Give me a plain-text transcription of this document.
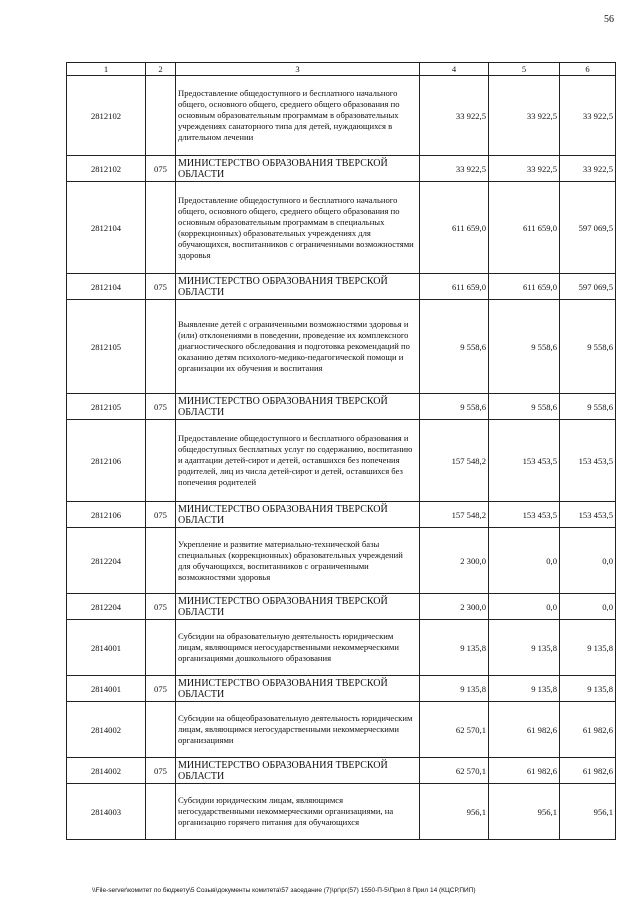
56
1	2	3	4	5	6
2812102		Предоставление общедоступного и бесплатного начального общего, основного общего, среднего общего образования по основным образовательным программам в образовательных учреждениях санаторного типа для детей, нуждающихся в длительном лечении	33 922,5	33 922,5	33 922,5
2812102	075	МИНИСТЕРСТВО ОБРАЗОВАНИЯ ТВЕРСКОЙ ОБЛАСТИ	33 922,5	33 922,5	33 922,5
2812104		Предоставление общедоступного и бесплатного начального общего, основного общего, среднего общего образования по основным образовательным программам в специальных (коррекционных) образовательных учреждениях для обучающихся, воспитанников с ограниченными возможностями здоровья	611 659,0	611 659,0	597 069,5
2812104	075	МИНИСТЕРСТВО ОБРАЗОВАНИЯ ТВЕРСКОЙ ОБЛАСТИ	611 659,0	611 659,0	597 069,5
2812105		Выявление детей с ограниченными возможностями здоровья и (или) отклонениями в поведении, проведение их комплексного диагностического обследования и подготовка рекомендаций по оказанию детям психолого-медико-педагогической помощи и организации их обучения и воспитания	9 558,6	9 558,6	9 558,6
2812105	075	МИНИСТЕРСТВО ОБРАЗОВАНИЯ ТВЕРСКОЙ ОБЛАСТИ	9 558,6	9 558,6	9 558,6
2812106		Предоставление общедоступного и бесплатного образования и общедоступных бесплатных услуг по содержанию, воспитанию и адаптации детей-сирот и детей, оставшихся без попечения родителей, лиц из числа детей-сирот и детей, оставшихся без попечения родителей	157 548,2	153 453,5	153 453,5
2812106	075	МИНИСТЕРСТВО ОБРАЗОВАНИЯ ТВЕРСКОЙ ОБЛАСТИ	157 548,2	153 453,5	153 453,5
2812204		Укрепление и развитие материально-технической базы специальных (коррекционных) образовательных учреждений для обучающихся, воспитанников с ограниченными возможностями здоровья	2 300,0	0,0	0,0
2812204	075	МИНИСТЕРСТВО ОБРАЗОВАНИЯ ТВЕРСКОЙ ОБЛАСТИ	2 300,0	0,0	0,0
2814001		Субсидии на образовательную деятельность юридическим лицам, являющимся негосударственными некоммерческими организациями дошкольного образования	9 135,8	9 135,8	9 135,8
2814001	075	МИНИСТЕРСТВО ОБРАЗОВАНИЯ ТВЕРСКОЙ ОБЛАСТИ	9 135,8	9 135,8	9 135,8
2814002		Субсидии на общеобразовательную деятельность юридическим лицам, являющимся негосударственными некоммерческими организациями	62 570,1	61 982,6	61 982,6
2814002	075	МИНИСТЕРСТВО ОБРАЗОВАНИЯ ТВЕРСКОЙ ОБЛАСТИ	62 570,1	61 982,6	61 982,6
2814003		Субсидии юридическим лицам, являющимся негосударственными некоммерческими организациями, на организацию горячего питания для обучающихся	956,1	956,1	956,1
\\File-server\комитет по бюджету\5 Созыв\документы комитета\57 заседание (7)\рг\рг(57) 1550-П-5\Прил 8 Прил 14 (КЦСР,ПИП)
